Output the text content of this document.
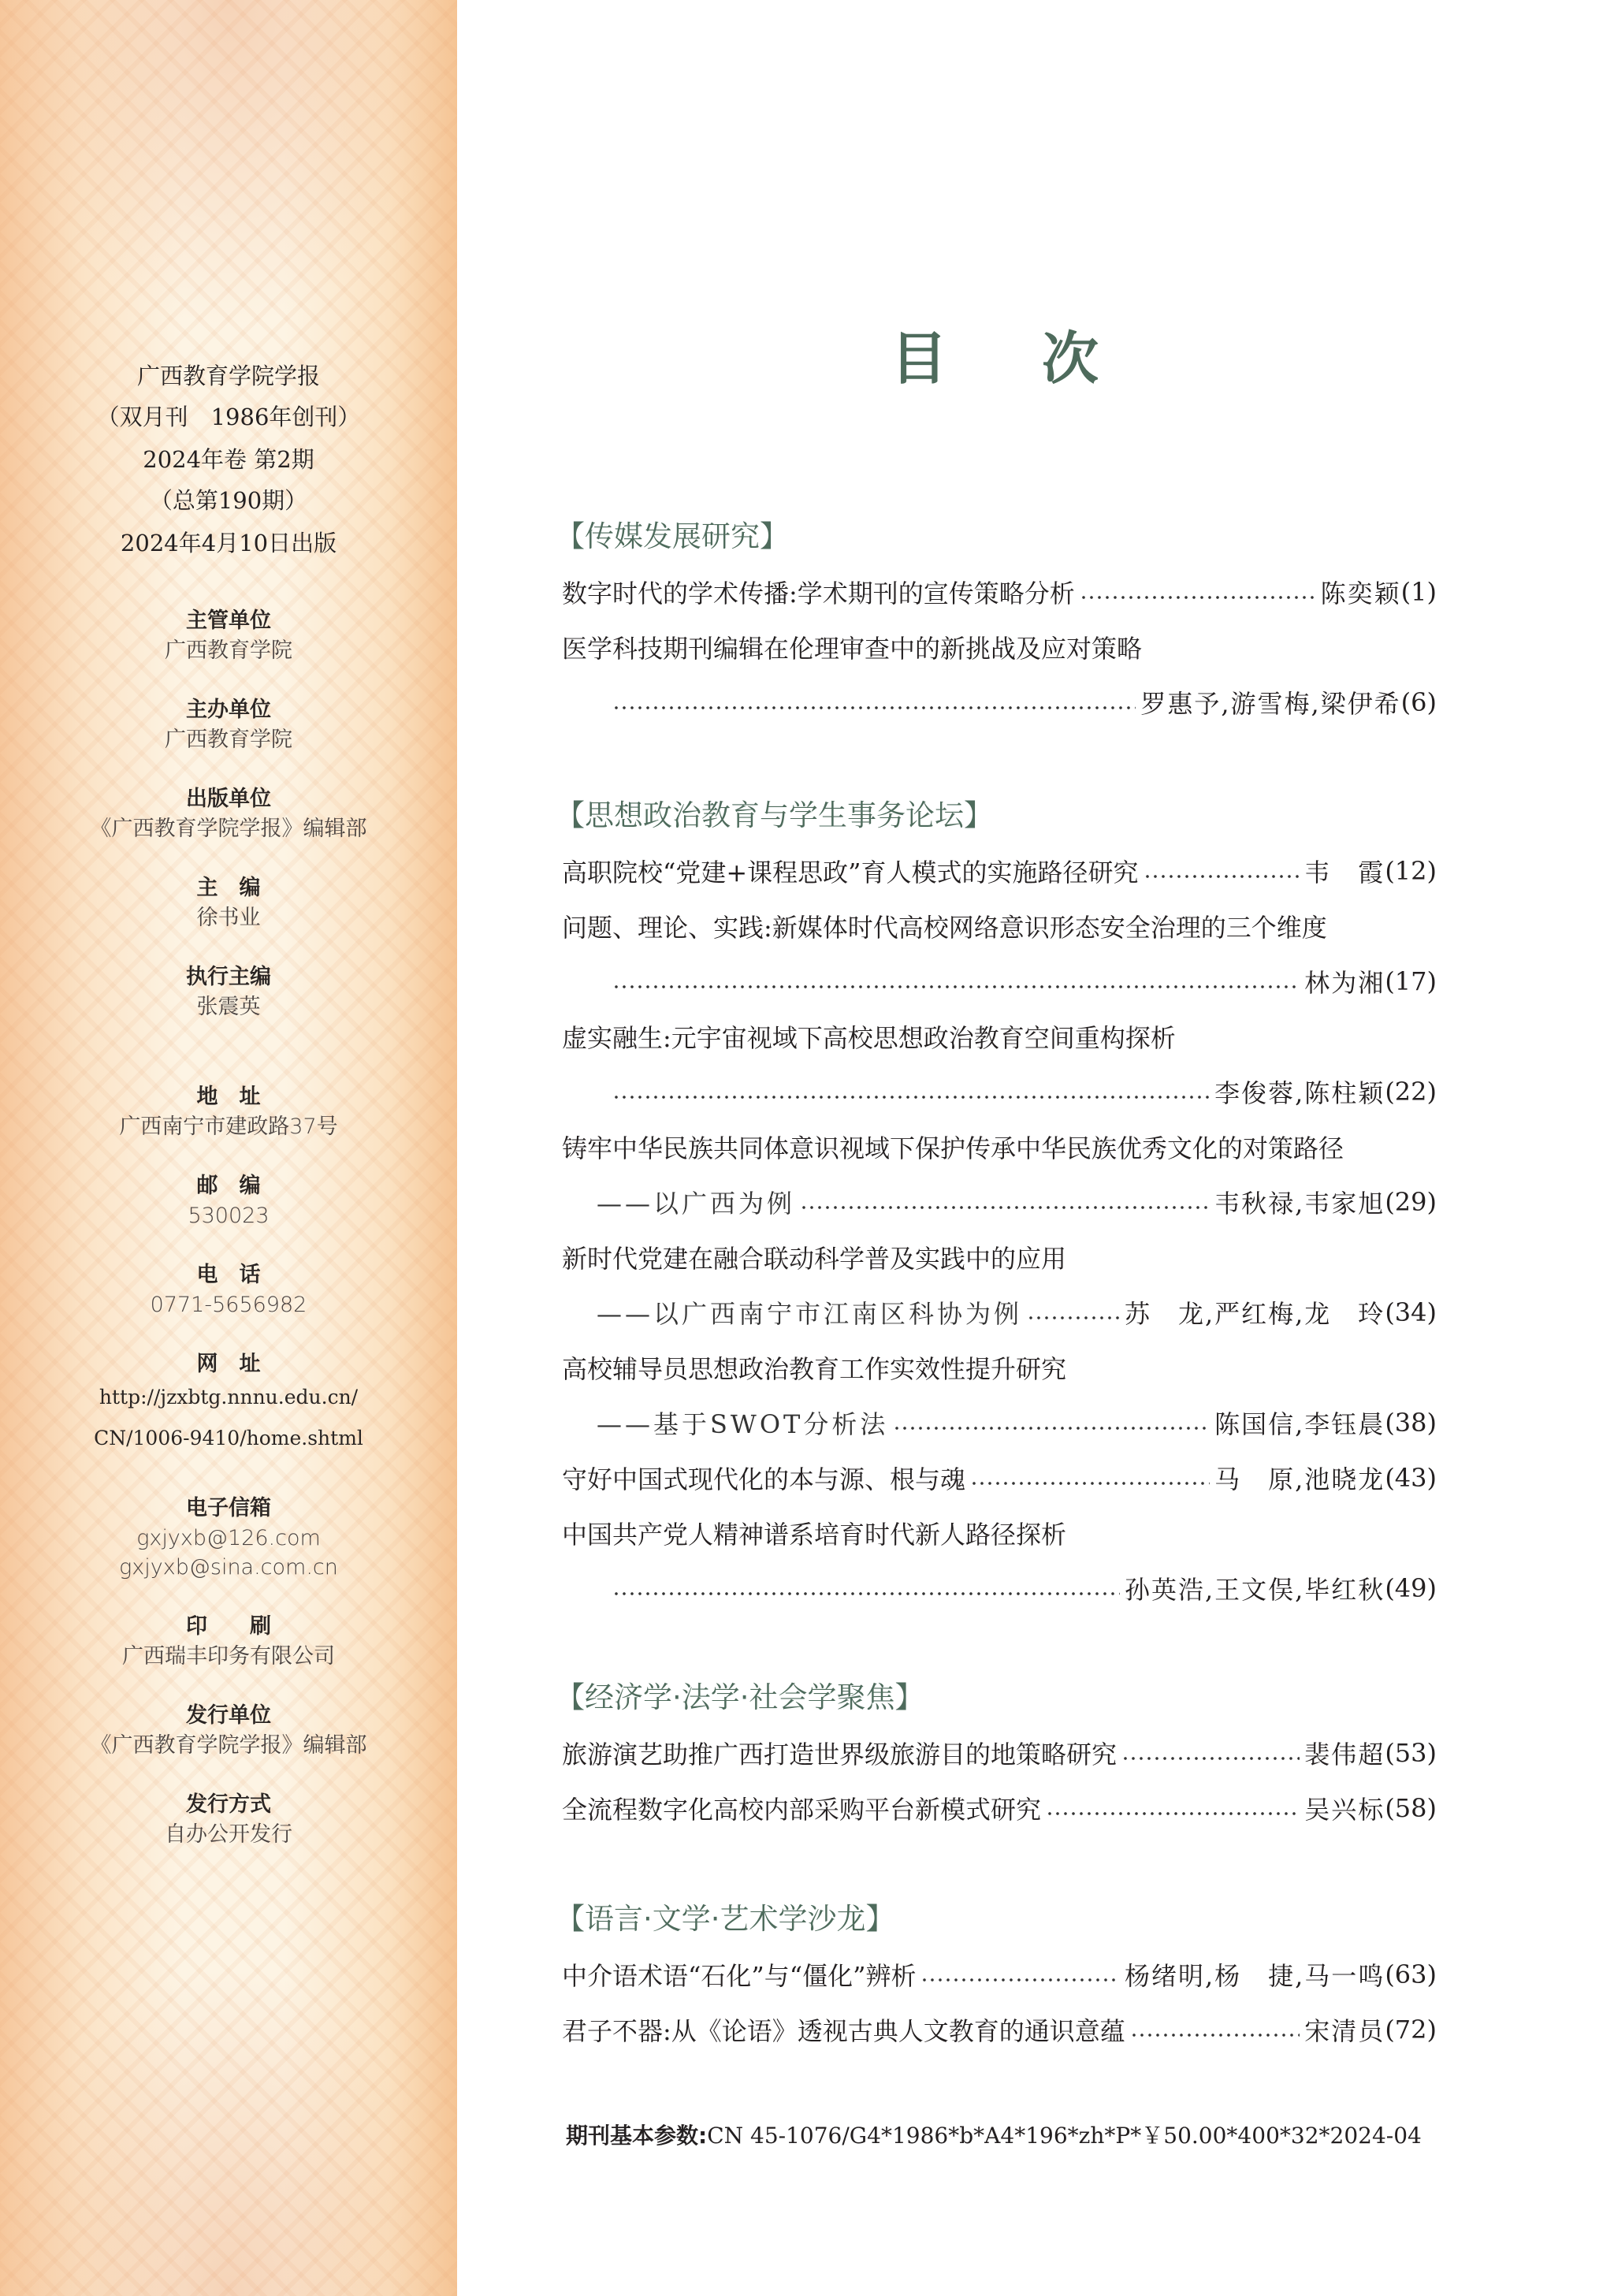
广西教育学院学报
（双月刊　1986年创刊）
2024年卷 第2期
（总第190期）
2024年4月10日出版
主管单位
广西教育学院
主办单位
广西教育学院
出版单位
《广西教育学院学报》编辑部
主　编
徐书业
执行主编
张震英
地　址
广西南宁市建政路37号
邮　编
530023
电　话
0771-5656982
网　址
http://jzxbtg.nnnu.edu.cn/
CN/1006-9410/home.shtml
电子信箱
gxjyxb@126.com
gxjyxb@sina.com.cn
印　　刷
广西瑞丰印务有限公司
发行单位
《广西教育学院学报》编辑部
发行方式
自办公开发行
目次
【传媒发展研究】
数字时代的学术传播:学术期刊的宣传策略分析	陈奕颖 (1)
医学科技期刊编辑在伦理审查中的新挑战及应对策略
罗惠予,游雪梅,梁伊希 (6)
【思想政治教育与学生事务论坛】
高职院校“党建+课程思政”育人模式的实施路径研究	韦　霞 (12)
问题、理论、实践:新媒体时代高校网络意识形态安全治理的三个维度
林为湘 (17)
虚实融生:元宇宙视域下高校思想政治教育空间重构探析
李俊蓉,陈柱颖 (22)
铸牢中华民族共同体意识视域下保护传承中华民族优秀文化的对策路径
——以广西为例	韦秋禄,韦家旭 (29)
新时代党建在融合联动科学普及实践中的应用
——以广西南宁市江南区科协为例	苏　龙,严红梅,龙　玲 (34)
高校辅导员思想政治教育工作实效性提升研究
——基于SWOT分析法	陈国信,李钰晨 (38)
守好中国式现代化的本与源、根与魂	马　原,池晓龙 (43)
中国共产党人精神谱系培育时代新人路径探析
孙英浩,王文俣,毕红秋 (49)
【经济学·法学·社会学聚焦】
旅游演艺助推广西打造世界级旅游目的地策略研究	裴伟超 (53)
全流程数字化高校内部采购平台新模式研究	吴兴标 (58)
【语言·文学·艺术学沙龙】
中介语术语“石化”与“僵化”辨析	杨绪明,杨　捷,马一鸣 (63)
君子不器:从《论语》透视古典人文教育的通识意蕴	宋清员 (72)
期刊基本参数:CN 45-1076/G4*1986*b*A4*196*zh*P*￥50.00*400*32*2024-04
